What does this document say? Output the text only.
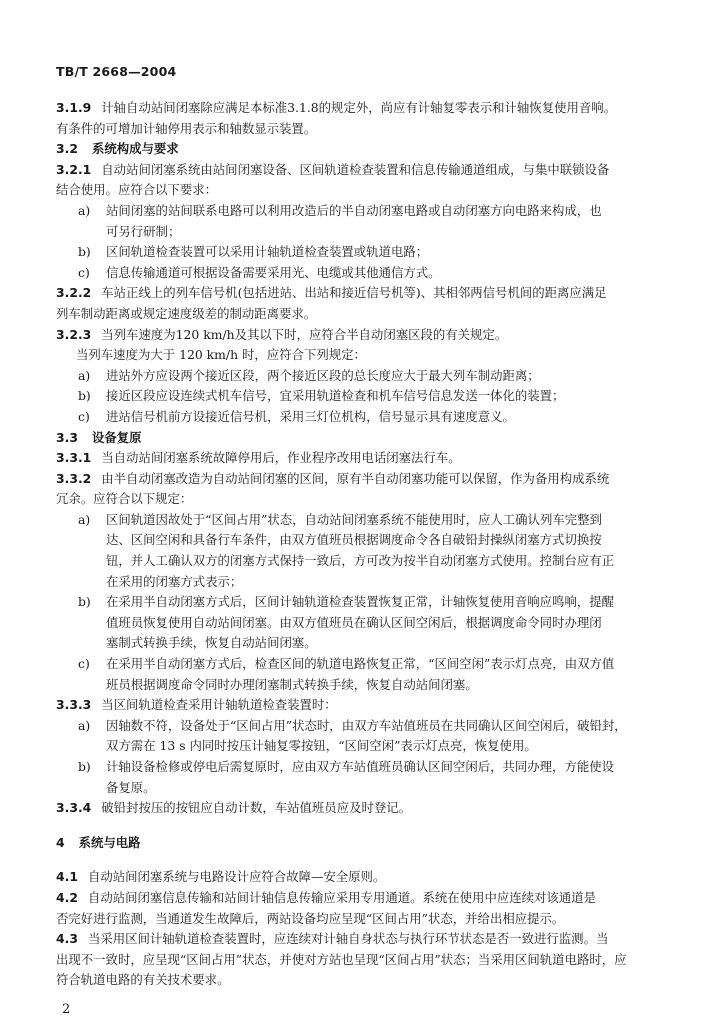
TB/T 2668—2004
3.1.9 计轴自动站间闭塞除应满足本标准3.1.8的规定外，尚应有计轴复零表示和计轴恢复使用音响。
有条件的可增加计轴停用表示和轴数显示装置。
3.2 系统构成与要求
3.2.1 自动站间闭塞系统由站间闭塞设备、区间轨道检查装置和信息传输通道组成，与集中联锁设备
结合使用。应符合以下要求：
a) 站间闭塞的站间联系电路可以利用改造后的半自动闭塞电路或自动闭塞方向电路来构成，也
可另行研制；
b) 区间轨道检查装置可以采用计轴轨道检查装置或轨道电路；
c) 信息传输通道可根据设备需要采用光、电缆或其他通信方式。
3.2.2 车站正线上的列车信号机(包括进站、出站和接近信号机等)、其相邻两信号机间的距离应满足
列车制动距离或规定速度级差的制动距离要求。
3.2.3 当列车速度为120 km/h及其以下时，应符合半自动闭塞区段的有关规定。
当列车速度为大于 120 km/h 时，应符合下列规定：
a) 进站外方应设两个接近区段，两个接近区段的总长度应大于最大列车制动距离；
b) 接近区段应设连续式机车信号，宜采用轨道检查和机车信号信息发送一体化的装置；
c) 进站信号机前方设接近信号机，采用三灯位机构，信号显示具有速度意义。
3.3 设备复原
3.3.1 当自动站间闭塞系统故障停用后，作业程序改用电话闭塞法行车。
3.3.2 由半自动闭塞改造为自动站间闭塞的区间，原有半自动闭塞功能可以保留，作为备用构成系统
冗余。应符合以下规定：
a) 区间轨道因故处于“区间占用”状态，自动站间闭塞系统不能使用时，应人工确认列车完整到
达、区间空闲和具备行车条件，由双方值班员根据调度命令各自破铅封操纵闭塞方式切换按
钮，并人工确认双方的闭塞方式保持一致后，方可改为按半自动闭塞方式使用。控制台应有正
在采用的闭塞方式表示；
b) 在采用半自动闭塞方式后，区间计轴轨道检查装置恢复正常，计轴恢复使用音响应鸣响，提醒
值班员恢复使用自动站间闭塞。由双方值班员在确认区间空闲后，根据调度命令同时办理闭
塞制式转换手续，恢复自动站间闭塞。
c) 在采用半自动闭塞方式后，检查区间的轨道电路恢复正常，“区间空闲”表示灯点亮，由双方值
班员根据调度命令同时办理闭塞制式转换手续，恢复自动站间闭塞。
3.3.3 当区间轨道检查采用计轴轨道检查装置时：
a) 因轴数不符，设备处于“区间占用”状态时，由双方车站值班员在共同确认区间空闲后，破铅封，
双方需在 13 s 内同时按压计轴复零按钮，“区间空闲”表示灯点亮，恢复使用。
b) 计轴设备检修或停电后需复原时，应由双方车站值班员确认区间空闲后，共同办理，方能使设
备复原。
3.3.4 破铅封按压的按钮应自动计数，车站值班员应及时登记。
4 系统与电路
4.1 自动站间闭塞系统与电路设计应符合故障—安全原则。
4.2 自动站间闭塞信息传输和站间计轴信息传输应采用专用通道。系统在使用中应连续对该通道是
否完好进行监测，当通道发生故障后，两站设备均应呈现“区间占用”状态，并给出相应提示。
4.3 当采用区间计轴轨道检查装置时，应连续对计轴自身状态与执行环节状态是否一致进行监测。当
出现不一致时，应呈现“区间占用”状态，并使对方站也呈现“区间占用”状态；当采用区间轨道电路时，应
符合轨道电路的有关技术要求。
2
